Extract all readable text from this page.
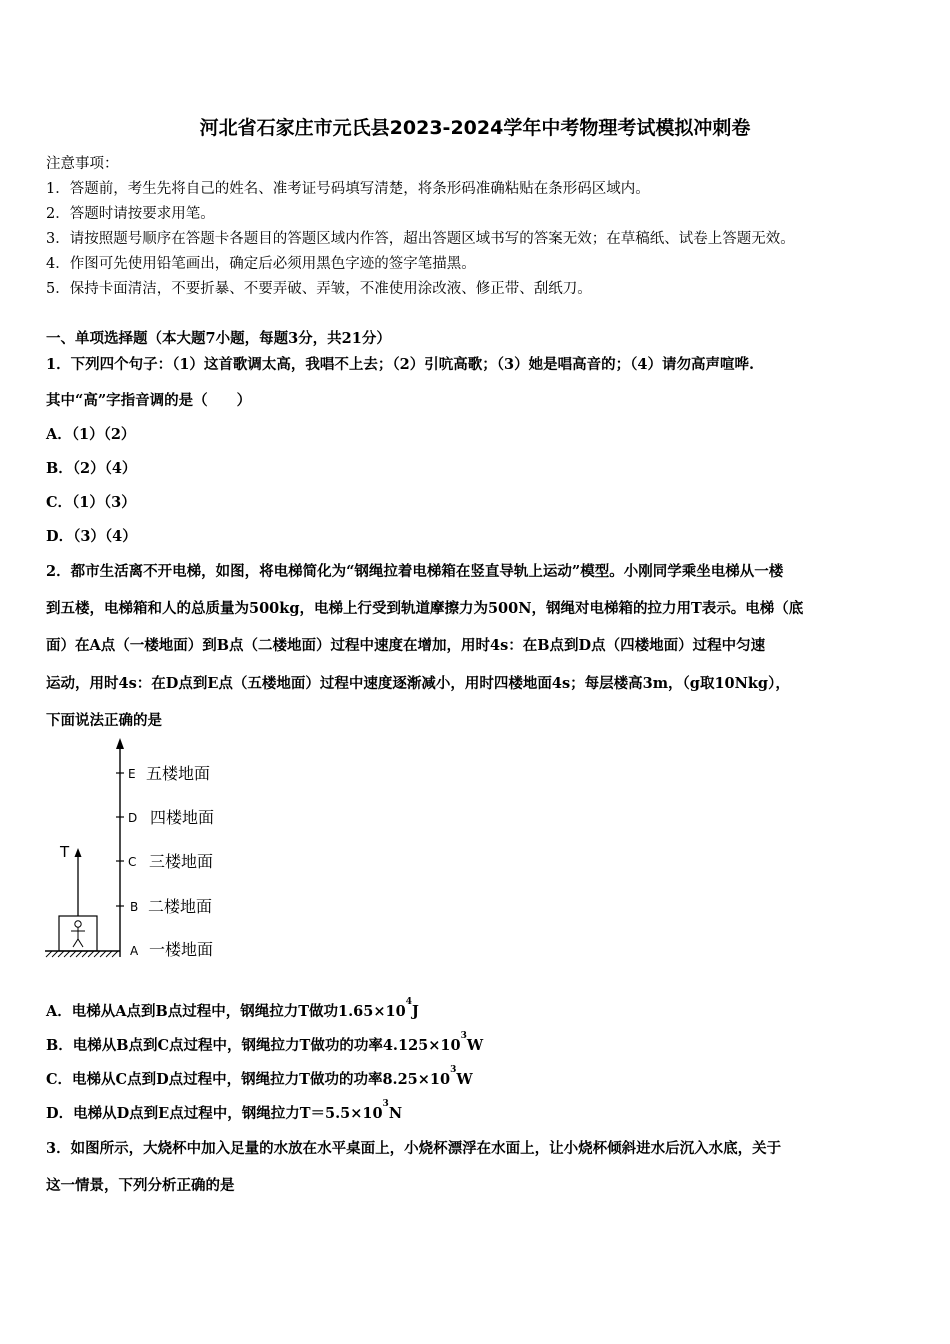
河北省石家庄市元氏县2023-2024学年中考物理考试模拟冲刺卷
注意事项：
1．答题前，考生先将自己的姓名、准考证号码填写清楚，将条形码准确粘贴在条形码区域内。
2．答题时请按要求用笔。
3．请按照题号顺序在答题卡各题目的答题区域内作答，超出答题区域书写的答案无效；在草稿纸、试卷上答题无效。
4．作图可先使用铅笔画出，确定后必须用黑色字迹的签字笔描黑。
5．保持卡面清洁，不要折暴、不要弄破、弄皱，不准使用涂改液、修正带、刮纸刀。
一、单项选择题（本大题7小题，每题3分，共21分）
1．下列四个句子：（1）这首歌调太高，我唱不上去；（2）引吭高歌；（3）她是唱高音的；（4）请勿高声喧哗.
其中“高”字指音调的是（　　）
A．（1）（2）
B．（2）（4）
C．（1）（3）
D．（3）（4）
2．都市生活离不开电梯，如图，将电梯简化为“钢绳拉着电梯箱在竖直导轨上运动”模型。小刚同学乘坐电梯从一楼
到五楼，电梯箱和人的总质量为500kg，电梯上行受到轨道摩擦力为500N，钢绳对电梯箱的拉力用T表示。电梯（底
面）在A点（一楼地面）到B点（二楼地面）过程中速度在增加，用时4s：在B点到D点（四楼地面）过程中匀速
运动，用时4s：在D点到E点（五楼地面）过程中速度逐渐减小，用时四楼地面4s；每层楼高3m，（g取10Nkg），
下面说法正确的是
T
E 五楼地面
D 四楼地面
C 三楼地面
B 二楼地面
A 一楼地面
A．电梯从A点到B点过程中，钢绳拉力T做功$1.65\times 10^4J$
B．电梯从B点到C点过程中，钢绳拉力T做功的功率$4.125\times 10^3W$
C．电梯从C点到D点过程中，钢绳拉力T做功的功率$8.25\times 10^3W$
D．电梯从D点到E点过程中，钢绳拉力$T=5.5\times 10^3N$
3．如图所示，大烧杯中加入足量的水放在水平桌面上，小烧杯漂浮在水面上，让小烧杯倾斜进水后沉入水底，关于
这一情景，下列分析正确的是
